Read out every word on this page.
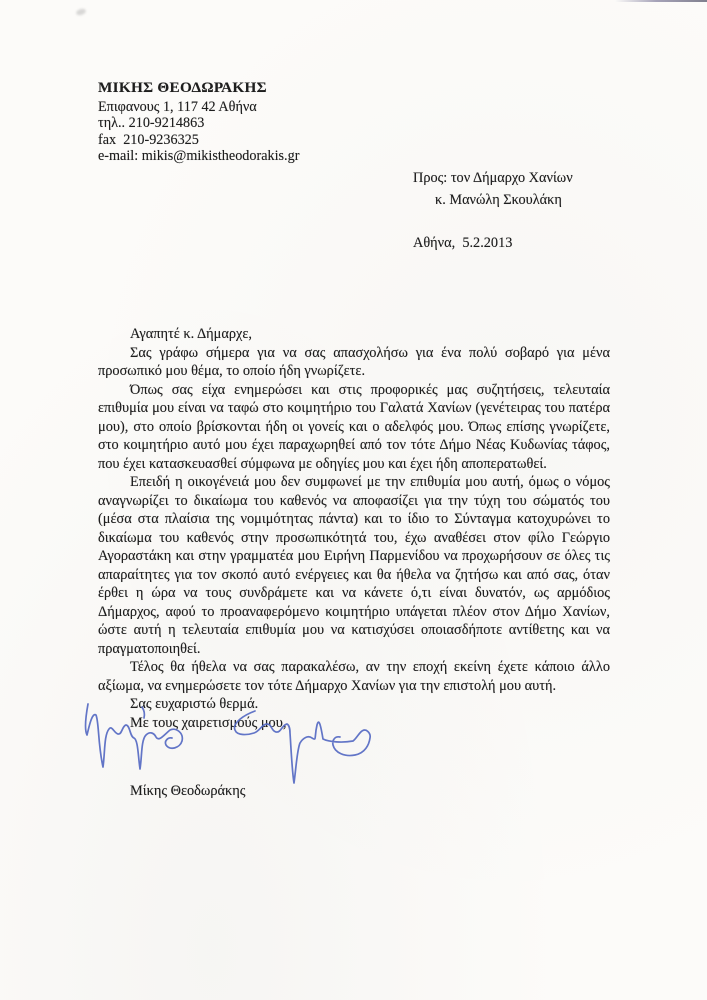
ΜΙΚΗΣ ΘΕΟΔΩΡΑΚΗΣ
Επιφανους 1, 117 42 Αθήνα
τηλ.. 210-9214863
fax  210-9236325
e-mail: mikis@mikistheodorakis.gr
Προς: τον Δήμαρχο Χανίων
κ. Μανώλη Σκουλάκη
Αθήνα,  5.2.2013

Αγαπητέ κ. Δήμαρχε,

Σας γράφω σήμερα για να σας απασχολήσω για ένα πολύ σοβαρό για μένα προσωπικό μου θέμα, το οποίο ήδη γνωρίζετε.

Όπως σας είχα ενημερώσει και στις προφορικές μας συζητήσεις, τελευταία επιθυμία μου είναι να ταφώ στο κοιμητήριο του Γαλατά Χανίων (γενέτειρας του πατέρα μου), στο οποίο βρίσκονται ήδη οι γονείς και ο αδελφός μου. Όπως επίσης γνωρίζετε, στο κοιμητήριο αυτό μου έχει παραχωρηθεί από τον τότε Δήμο Νέας Κυδωνίας τάφος, που έχει κατασκευασθεί σύμφωνα με οδηγίες μου και έχει ήδη αποπερατωθεί.

Επειδή η οικογένειά μου δεν συμφωνεί με την επιθυμία μου αυτή, όμως ο νόμος αναγνωρίζει το δικαίωμα του καθενός να αποφασίζει για την τύχη του σώματός του (μέσα στα πλαίσια της νομιμότητας πάντα) και το ίδιο το Σύνταγμα κατοχυρώνει το δικαίωμα του καθενός στην προσωπικότητά του, έχω αναθέσει στον φίλο Γεώργιο Αγοραστάκη και στην γραμματέα μου Ειρήνη Παρμενίδου να προχωρήσουν σε όλες τις απαραίτητες για τον σκοπό αυτό ενέργειες και θα ήθελα να ζητήσω και από σας, όταν έρθει η ώρα να τους συνδράμετε και να κάνετε ό,τι είναι δυνατόν, ως αρμόδιος Δήμαρχος, αφού το προαναφερόμενο κοιμητήριο υπάγεται πλέον στον Δήμο Χανίων, ώστε αυτή η τελευταία επιθυμία μου να κατισχύσει οποιασδήποτε αντίθετης και να πραγματοποιηθεί.

Τέλος θα ήθελα να σας παρακαλέσω, αν την εποχή εκείνη έχετε κάποιο άλλο αξίωμα, να ενημερώσετε τον τότε Δήμαρχο Χανίων για την επιστολή μου αυτή.

Σας ευχαριστώ θερμά.

Με τους χαιρετισμούς μου,

Μίκης Θεοδωράκης
